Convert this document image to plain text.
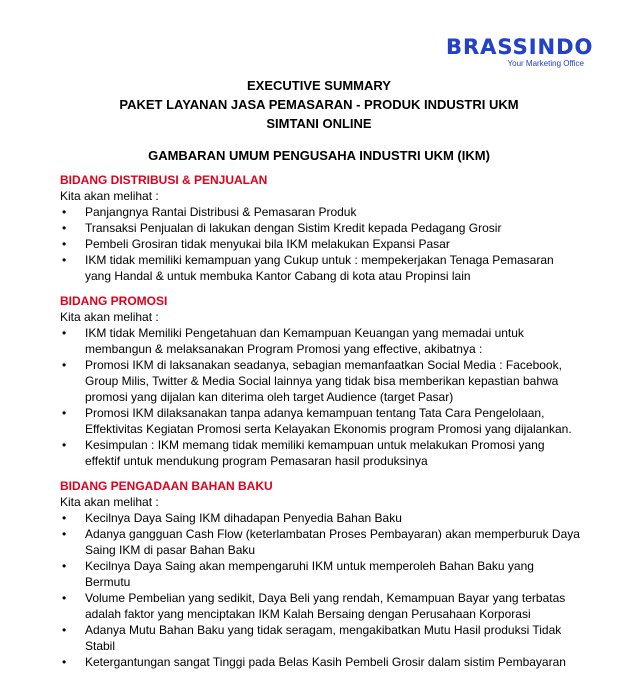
BRASSINDO
Your Marketing Office
EXECUTIVE SUMMARY
PAKET LAYANAN JASA PEMASARAN - PRODUK INDUSTRI UKM
SIMTANI ONLINE
GAMBARAN UMUM PENGUSAHA INDUSTRI UKM (IKM)
BIDANG DISTRIBUSI & PENJUALAN
Kita akan melihat :
• Panjangnya Rantai Distribusi & Pemasaran Produk
• Transaksi Penjualan di lakukan dengan Sistim Kredit kepada Pedagang Grosir
• Pembeli Grosiran tidak menyukai bila IKM melakukan Expansi Pasar
• IKM tidak memiliki kemampuan yang Cukup untuk : mempekerjakan Tenaga Pemasaran yang Handal & untuk membuka Kantor Cabang di kota atau Propinsi lain
BIDANG PROMOSI
Kita akan melihat :
• IKM tidak Memiliki Pengetahuan dan Kemampuan Keuangan yang memadai untuk membangun & melaksanakan Program Promosi yang effective, akibatnya :
• Promosi IKM di laksanakan seadanya, sebagian memanfaatkan Social Media : Facebook, Group Milis, Twitter & Media Social lainnya yang tidak bisa memberikan kepastian bahwa promosi yang dijalan kan diterima oleh target Audience (target Pasar)
• Promosi IKM dilaksanakan tanpa adanya kemampuan tentang Tata Cara Pengelolaan, Effektivitas Kegiatan Promosi serta Kelayakan Ekonomis program Promosi yang dijalankan.
• Kesimpulan : IKM memang tidak memiliki kemampuan untuk melakukan Promosi yang effektif untuk mendukung program Pemasaran hasil produksinya
BIDANG PENGADAAN BAHAN BAKU
Kita akan melihat :
• Kecilnya Daya Saing IKM dihadapan Penyedia Bahan Baku
• Adanya gangguan Cash Flow (keterlambatan Proses Pembayaran) akan memperburuk Daya Saing IKM di pasar Bahan Baku
• Kecilnya Daya Saing akan mempengaruhi IKM untuk memperoleh Bahan Baku yang Bermutu
• Volume Pembelian yang sedikit, Daya Beli yang rendah, Kemampuan Bayar yang terbatas adalah faktor yang menciptakan IKM Kalah Bersaing dengan Perusahaan Korporasi
• Adanya Mutu Bahan Baku yang tidak seragam, mengakibatkan Mutu Hasil produksi Tidak Stabil
• Ketergantungan sangat Tinggi pada Belas Kasih Pembeli Grosir dalam sistim Pembayaran
